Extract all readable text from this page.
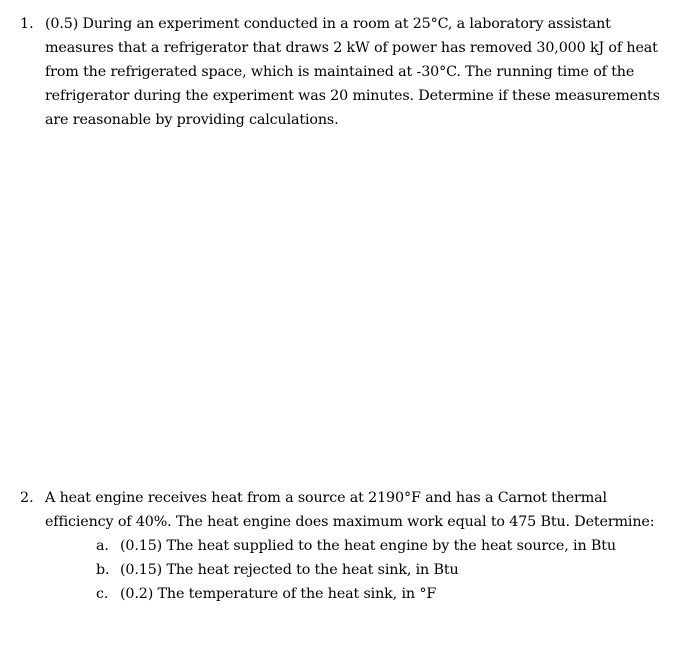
1. (0.5) During an experiment conducted in a room at 25°C, a laboratory assistant measures that a refrigerator that draws 2 kW of power has removed 30,000 kJ of heat from the refrigerated space, which is maintained at -30°C. The running time of the refrigerator during the experiment was 20 minutes. Determine if these measurements are reasonable by providing calculations.
2. A heat engine receives heat from a source at 2190°F and has a Carnot thermal efficiency of 40%. The heat engine does maximum work equal to 475 Btu. Determine:
a. (0.15) The heat supplied to the heat engine by the heat source, in Btu
b. (0.15) The heat rejected to the heat sink, in Btu
c. (0.2) The temperature of the heat sink, in °F
